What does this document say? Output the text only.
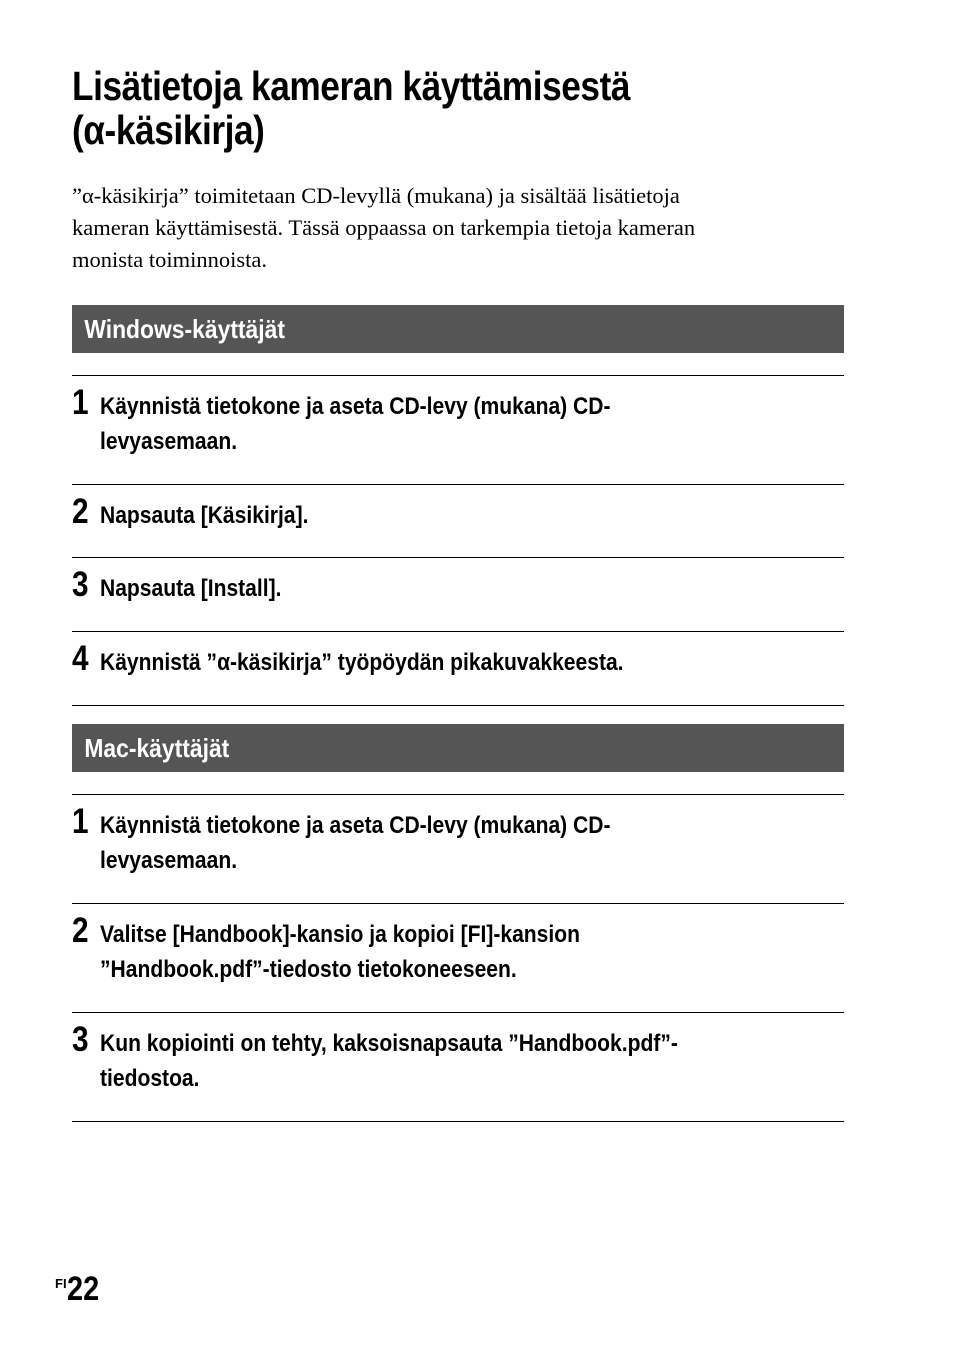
Lisätietoja kameran käyttämisestä
(α-käsikirja)
”α-käsikirja” toimitetaan CD-levyllä (mukana) ja sisältää lisätietoja
kameran käyttämisestä. Tässä oppaassa on tarkempia tietoja kameran
monista toiminnoista.
Windows-käyttäjät
1 Käynnistä tietokone ja aseta CD-levy (mukana) CD-
levyasemaan.
2 Napsauta [Käsikirja].
3 Napsauta [Install].
4 Käynnistä ”α-käsikirja” työpöydän pikakuvakkeesta.
Mac-käyttäjät
1 Käynnistä tietokone ja aseta CD-levy (mukana) CD-
levyasemaan.
2 Valitse [Handbook]-kansio ja kopioi [FI]-kansion
”Handbook.pdf”-tiedosto tietokoneeseen.
3 Kun kopiointi on tehty, kaksoisnapsauta ”Handbook.pdf”-
tiedostoa.
$^{FI}$22
